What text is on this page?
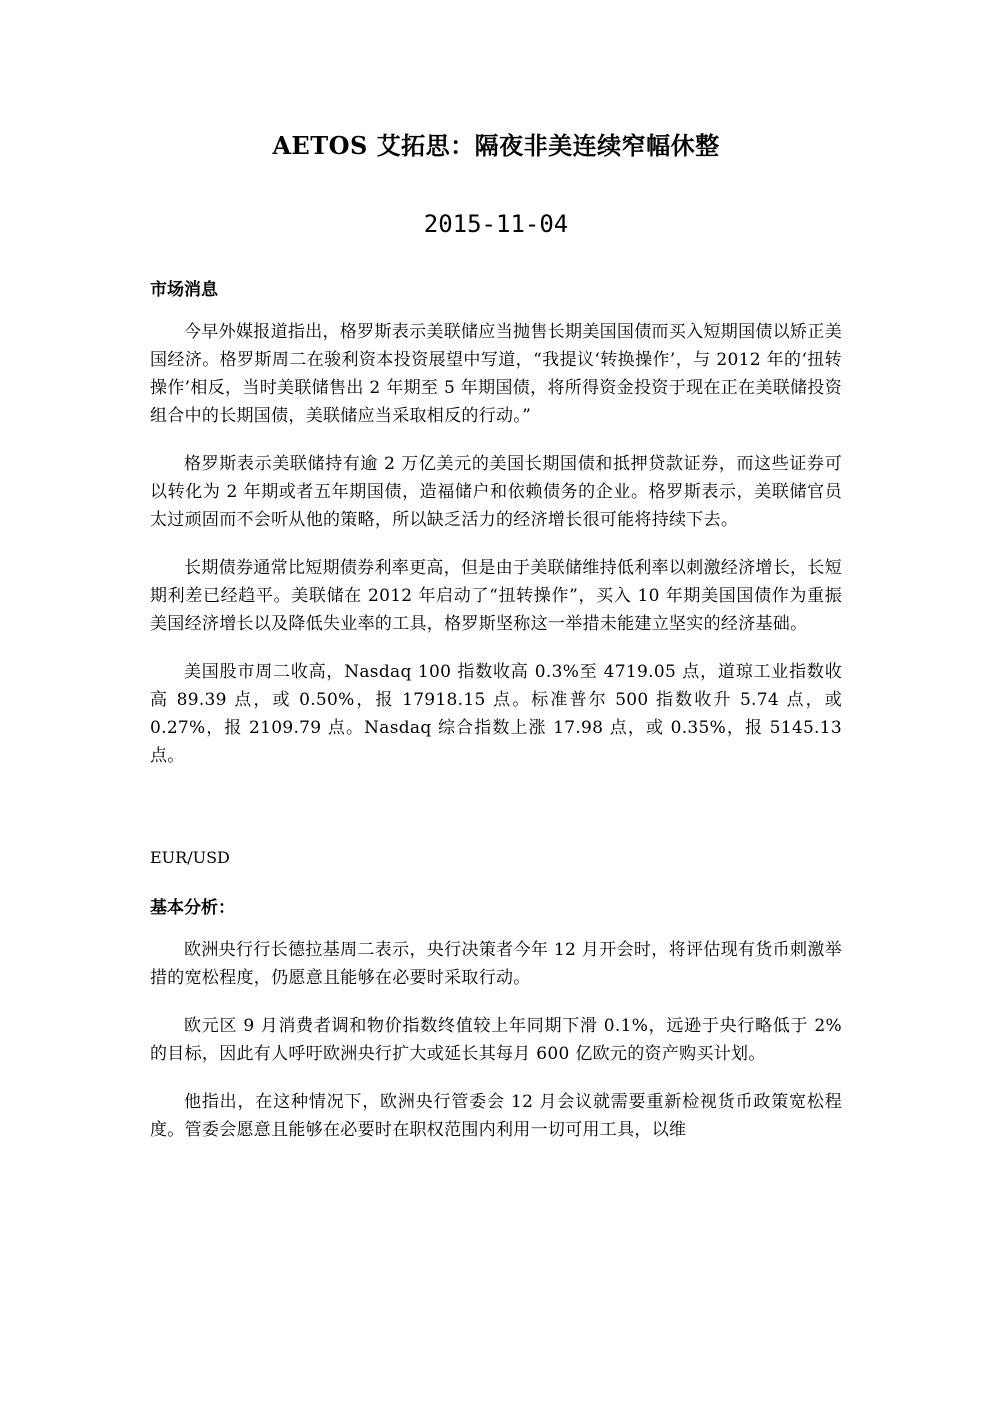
AETOS 艾拓思：隔夜非美连续窄幅休整
2015-11-04
市场消息

今早外媒报道指出，格罗斯表示美联储应当抛售长期美国国债而买入短期国债以矫正美国经济。格罗斯周二在骏利资本投资展望中写道，“我提议‘转换操作’，与 2012 年的‘扭转操作’相反，当时美联储售出 2 年期至 5 年期国债，将所得资金投资于现在正在美联储投资组合中的长期国债，美联储应当采取相反的行动。”

格罗斯表示美联储持有逾 2 万亿美元的美国长期国债和抵押贷款证券，而这些证券可以转化为 2 年期或者五年期国债，造福储户和依赖债务的企业。格罗斯表示，美联储官员太过顽固而不会听从他的策略，所以缺乏活力的经济增长很可能将持续下去。

长期债券通常比短期债券利率更高，但是由于美联储维持低利率以刺激经济增长，长短期利差已经趋平。美联储在 2012 年启动了“扭转操作”，买入 10 年期美国国债作为重振美国经济增长以及降低失业率的工具，格罗斯坚称这一举措未能建立坚实的经济基础。

美国股市周二收高，Nasdaq 100 指数收高 0.3%至 4719.05 点，道琼工业指数收高 89.39 点，或 0.50%，报 17918.15 点。标准普尔 500 指数收升 5.74 点，或 0.27%，报 2109.79 点。Nasdaq 综合指数上涨 17.98 点，或 0.35%，报 5145.13 点。

EUR/USD
基本分析：

欧洲央行行长德拉基周二表示，央行决策者今年 12 月开会时，将评估现有货币刺激举措的宽松程度，仍愿意且能够在必要时采取行动。

欧元区 9 月消费者调和物价指数终值较上年同期下滑 0.1%，远逊于央行略低于 2%的目标，因此有人呼吁欧洲央行扩大或延长其每月 600 亿欧元的资产购买计划。

他指出，在这种情况下，欧洲央行管委会 12 月会议就需要重新检视货币政策宽松程度。管委会愿意且能够在必要时在职权范围内利用一切可用工具，以维
